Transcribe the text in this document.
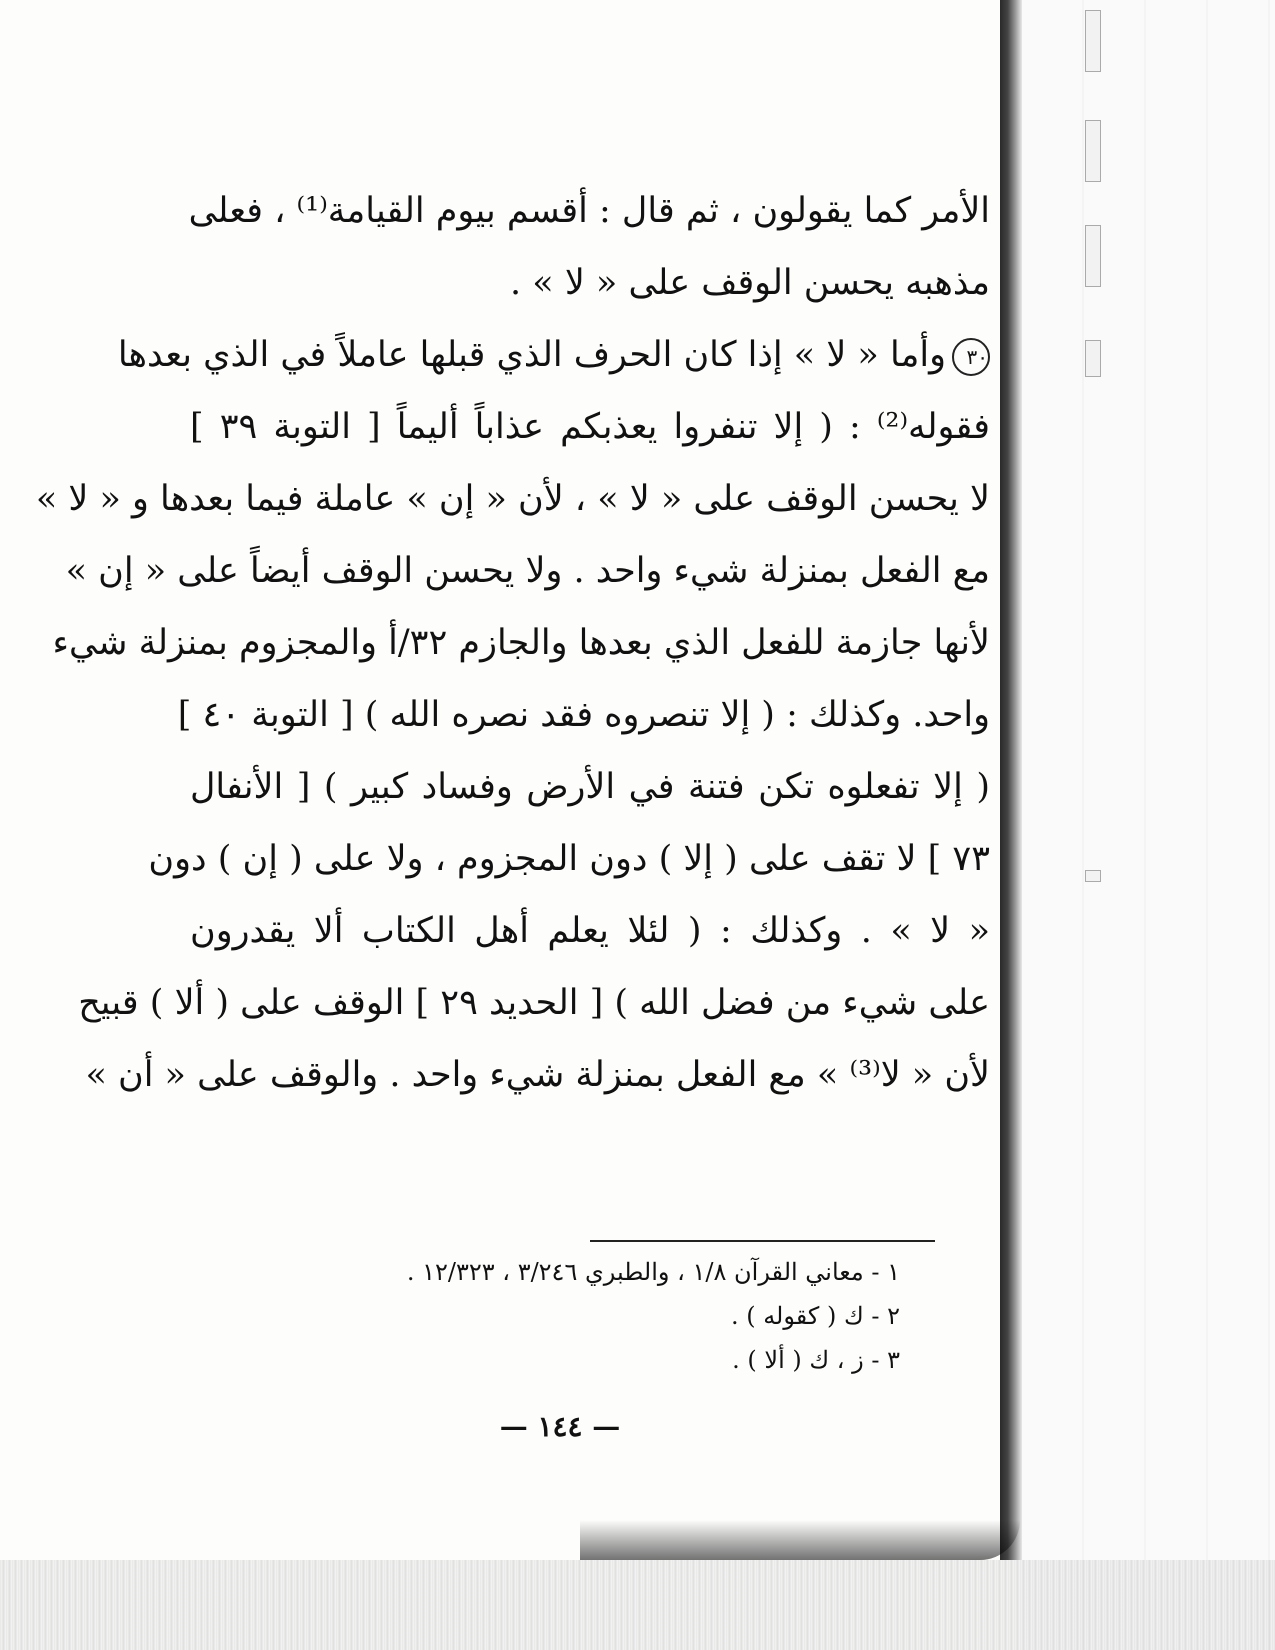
الأمر كما يقولون ، ثم قال : أقسم بيوم القيامة⁽¹⁾ ، فعلى
مذهبه يحسن الوقف على « لا » .
٣٠وأما « لا » إذا كان الحرف الذي قبلها عاملاً في الذي بعدها
فقوله⁽²⁾ : ( إلا تنفروا يعذبكم عذاباً أليماً [ التوبة ٣٩ ]
لا يحسن الوقف على « لا » ، لأن « إن » عاملة فيما بعدها و « لا »
مع الفعل بمنزلة شيء واحد . ولا يحسن الوقف أيضاً على « إن »
لأنها جازمة للفعل الذي بعدها والجازم ٣٢/أ والمجزوم بمنزلة شيء
واحد. وكذلك : ( إلا تنصروه فقد نصره الله ) [ التوبة ٤٠ ]
( إلا تفعلوه تكن فتنة في الأرض وفساد كبير ) [ الأنفال
٧٣ ] لا تقف على ( إلا ) دون المجزوم ، ولا على ( إن ) دون
« لا » . وكذلك : ( لئلا يعلم أهل الكتاب ألا يقدرون
على شيء من فضل الله ) [ الحديد ٢٩ ] الوقف على ( ألا ) قبيح
لأن « لا⁽³⁾ » مع الفعل بمنزلة شيء واحد . والوقف على « أن »
١ - معاني القرآن ١/٨ ، والطبري ٣/٢٤٦ ، ١٢/٣٢٣ .
٢ - ك ( كقوله ) .
٣ - ز ، ك ( ألا ) .
— ١٤٤ —
